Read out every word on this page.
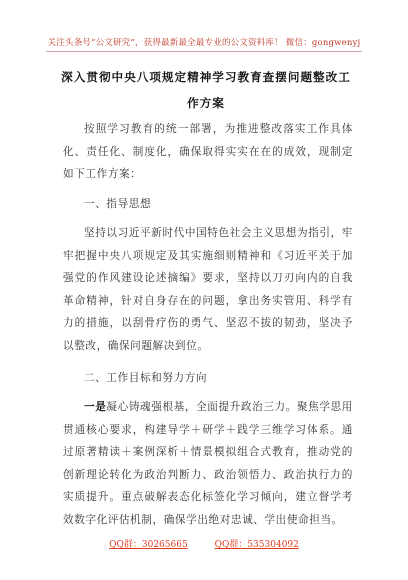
关注头条号“公文研究”，获得最新最全最专业的公文资料库！ 微信：gongwenyj
深入贯彻中央八项规定精神学习教育查摆问题整改工作方案

按照学习教育的统一部署，为推进整改落实工作具体化、责任化、制度化，确保取得实实在在的成效，现制定如下工作方案：

一、指导思想

坚持以习近平新时代中国特色社会主义思想为指引，牢牢把握中央八项规定及其实施细则精神和《习近平关于加强党的作风建设论述摘编》要求，坚持以刀刃向内的自我革命精神，针对自身存在的问题，拿出务实管用、科学有力的措施，以刮骨疗伤的勇气、坚忍不拔的韧劲，坚决予以整改，确保问题解决到位。

二、工作目标和努力方向

一是凝心铸魂强根基，全面提升政治三力。聚焦学思用贯通核心要求，构建导学＋研学＋践学三维学习体系。通过原著精读＋案例深析＋情景模拟组合式教育，推动党的创新理论转化为政治判断力、政治领悟力、政治执行力的实质提升。重点破解表态化标签化学习倾向，建立督学考效数字化评估机制，确保学出绝对忠诚、学出使命担当。

QQ群：30265665	QQ群：535304092
